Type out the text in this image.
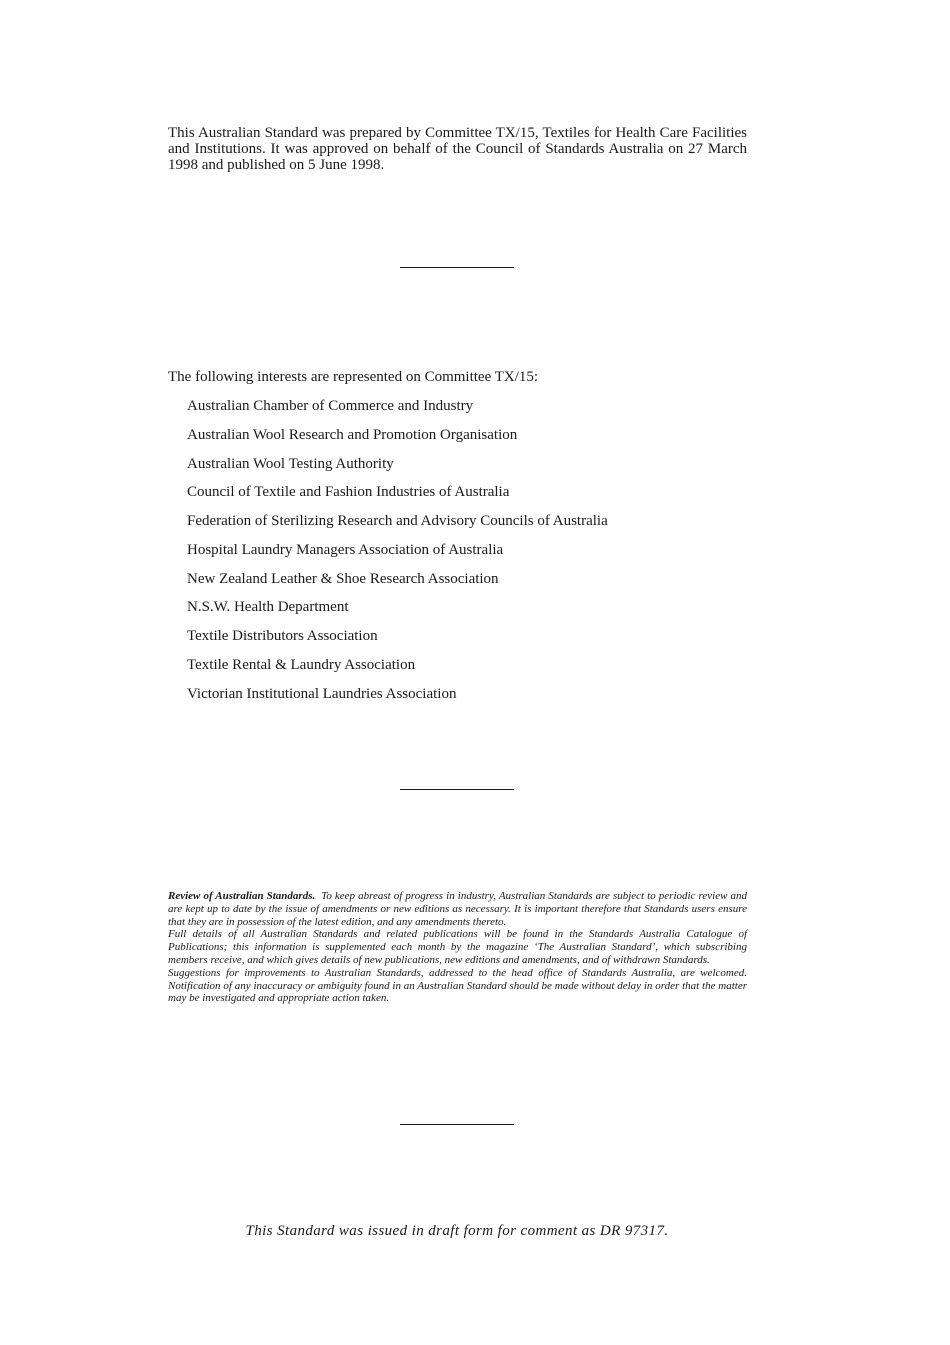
This Australian Standard was prepared by Committee TX/15, Textiles for Health Care Facilities and Institutions. It was approved on behalf of the Council of Standards Australia on 27 March 1998 and published on 5 June 1998.

The following interests are represented on Committee TX/15:

Australian Chamber of Commerce and Industry
Australian Wool Research and Promotion Organisation
Australian Wool Testing Authority
Council of Textile and Fashion Industries of Australia
Federation of Sterilizing Research and Advisory Councils of Australia
Hospital Laundry Managers Association of Australia
New Zealand Leather & Shoe Research Association
N.S.W. Health Department
Textile Distributors Association
Textile Rental & Laundry Association
Victorian Institutional Laundries Association

Review of Australian Standards. To keep abreast of progress in industry, Australian Standards are subject to periodic review and are kept up to date by the issue of amendments or new editions as necessary. It is important therefore that Standards users ensure that they are in possession of the latest edition, and any amendments thereto.

Full details of all Australian Standards and related publications will be found in the Standards Australia Catalogue of Publications; this information is supplemented each month by the magazine ‘The Australian Standard’, which subscribing members receive, and which gives details of new publications, new editions and amendments, and of withdrawn Standards.

Suggestions for improvements to Australian Standards, addressed to the head office of Standards Australia, are welcomed. Notification of any inaccuracy or ambiguity found in an Australian Standard should be made without delay in order that the matter may be investigated and appropriate action taken.

This Standard was issued in draft form for comment as DR 97317.
